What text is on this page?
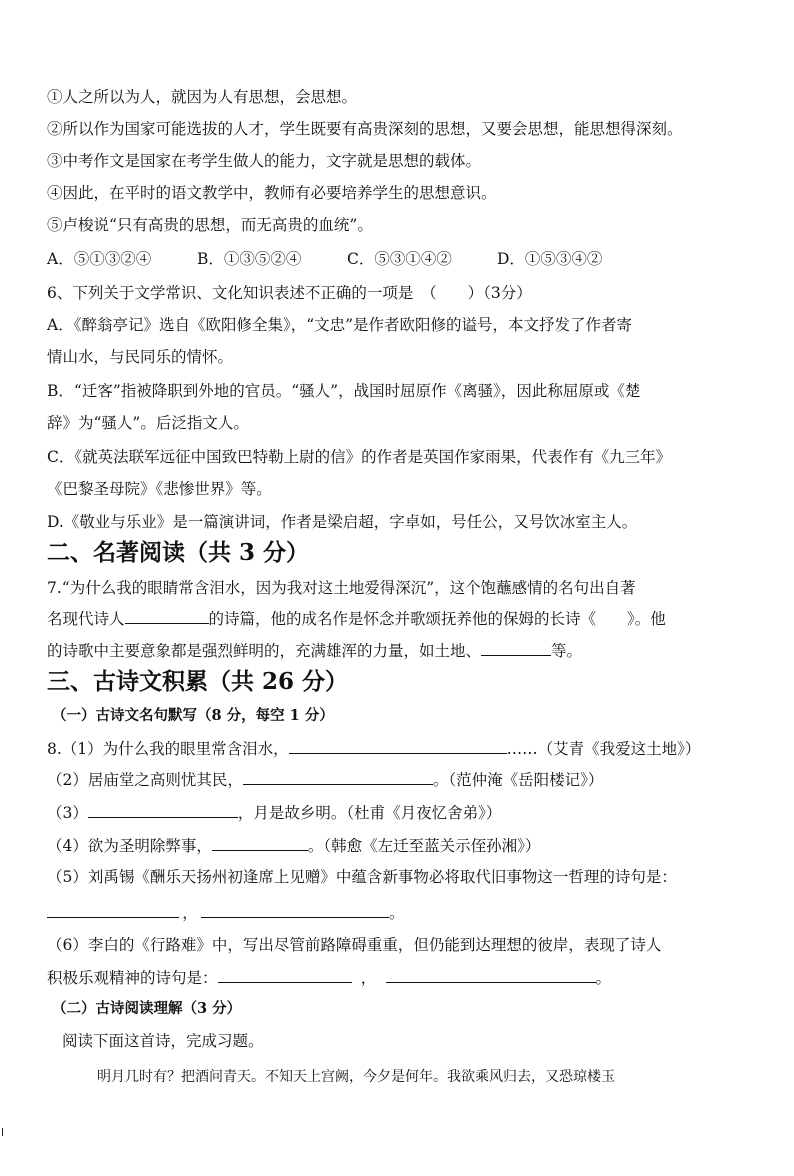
①人之所以为人，就因为人有思想，会思想。
②所以作为国家可能选拔的人才，学生既要有高贵深刻的思想，又要会思想，能思想得深刻。
③中考作文是国家在考学生做人的能力，文字就是思想的载体。
④因此，在平时的语文教学中，教师有必要培养学生的思想意识。
⑤卢梭说“只有高贵的思想，而无高贵的血统”。
A．⑤①③②④	B．①③⑤②④	C．⑤③①④②	D．①⑤③④②
6、下列关于文学常识、文化知识表述不正确的一项是　（　　）（3分）
A．《醉翁亭记》选自《欧阳修全集》，“文忠”是作者欧阳修的谥号，本文抒发了作者寄
情山水，与民同乐的情怀。
B．“迁客”指被降职到外地的官员。“骚人”，战国时屈原作《离骚》，因此称屈原或《楚
辞》为“骚人”。后泛指文人。
C．《就英法联军远征中国致巴特勒上尉的信》的作者是英国作家雨果，代表作有《九三年》
《巴黎圣母院》《悲惨世界》等。
D.《敬业与乐业》是一篇演讲词，作者是梁启超，字卓如，号任公，又号饮冰室主人。
二、名著阅读（共 3 分）
7.“为什么我的眼睛常含泪水，因为我对这土地爱得深沉”，这个饱蘸感情的名句出自著
名现代诗人	的诗篇，他的成名作是怀念并歌颂抚养他的保姆的长诗《　　》。他
的诗歌中主要意象都是强烈鲜明的，充满雄浑的力量，如土地、	等。
三、古诗文积累（共 26 分）
（一）古诗文名句默写（8 分，每空 1 分）
8.（1）为什么我的眼里常含泪水，	……（艾青《我爱这土地》）
（2）居庙堂之高则忧其民，	。（范仲淹《岳阳楼记》）
（3）	，月是故乡明。（杜甫《月夜忆舍弟》）
（4）欲为圣明除弊事，	。（韩愈《左迁至蓝关示侄孙湘》）
（5）刘禹锡《酬乐天扬州初逢席上见赠》中蕴含新事物必将取代旧事物这一哲理的诗句是：
，	。
（6）李白的《行路难》中，写出尽管前路障碍重重，但仍能到达理想的彼岸，表现了诗人
积极乐观精神的诗句是：	，	。
（二）古诗阅读理解（3 分）
阅读下面这首诗，完成习题。
明月几时有？把酒问青天。不知天上宫阙，今夕是何年。我欲乘风归去，又恐琼楼玉
